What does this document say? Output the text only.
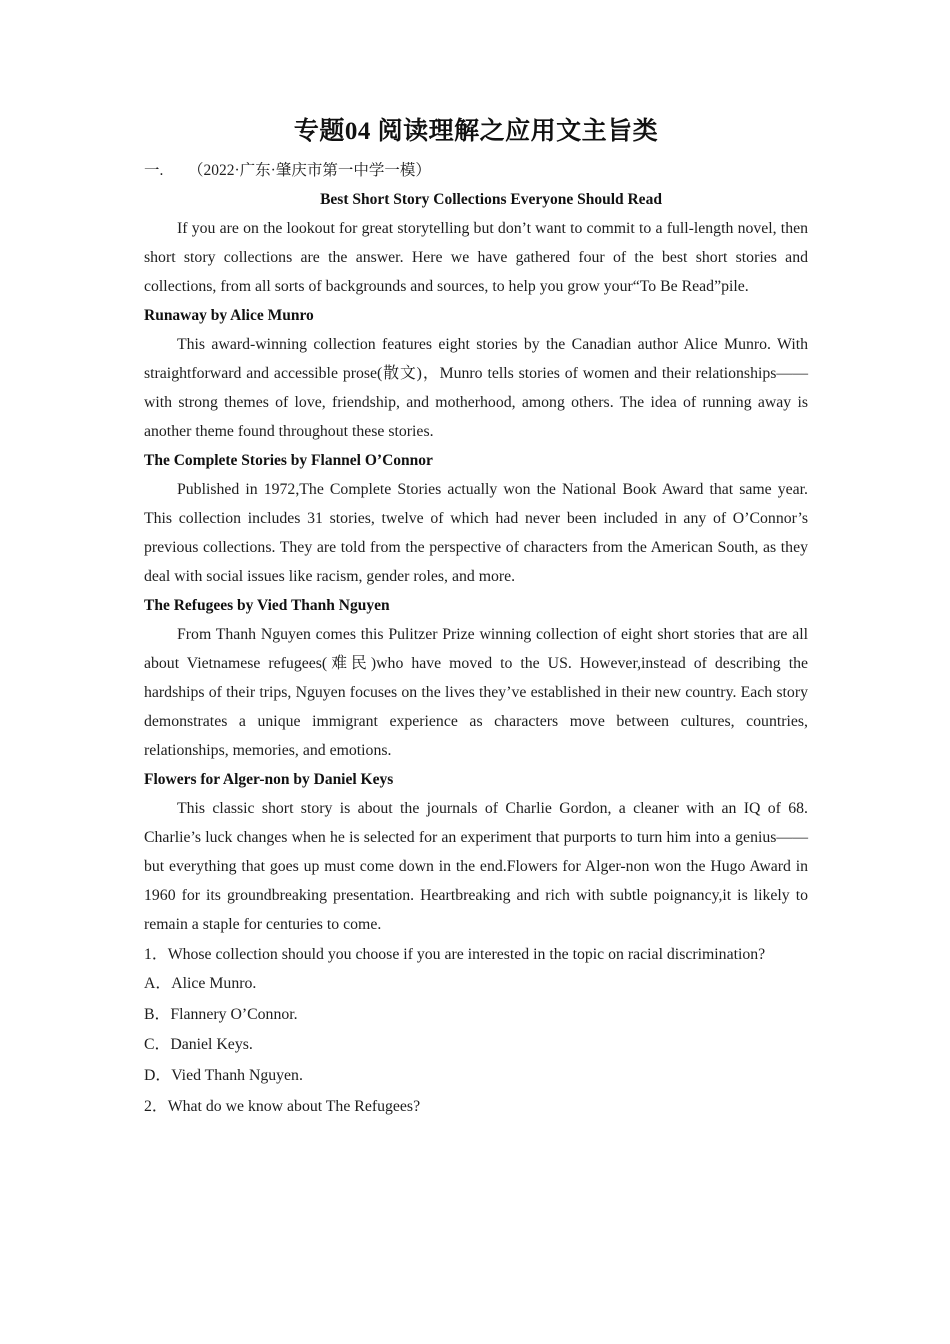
专题04 阅读理解之应用文主旨类
一. （2022·广东·肇庆市第一中学一模）
Best Short Story Collections Everyone Should Read

If you are on the lookout for great storytelling but don’t want to commit to a full-length novel, then short story collections are the answer. Here we have gathered four of the best short stories and collections, from all sorts of backgrounds and sources, to help you grow your“To Be Read”pile.

Runaway by Alice Munro

This award-winning collection features eight stories by the Canadian author Alice Munro. With straightforward and accessible prose(散文)，Munro tells stories of women and their relationships——with strong themes of love, friendship, and motherhood, among others. The idea of running away is another theme found throughout these stories.

The Complete Stories by Flannel O’Connor

Published in 1972,The Complete Stories actually won the National Book Award that same year. This collection includes 31 stories, twelve of which had never been included in any of O’Connor’s previous collections. They are told from the perspective of characters from the American South, as they deal with social issues like racism, gender roles, and more.

The Refugees by Vied Thanh Nguyen

From Thanh Nguyen comes this Pulitzer Prize winning collection of eight short stories that are all about Vietnamese refugees(难民)who have moved to the US. However,instead of describing the hardships of their trips, Nguyen focuses on the lives they’ve established in their new country. Each story demonstrates a unique immigrant experience as characters move between cultures, countries, relationships, memories, and emotions.

Flowers for Alger-non by Daniel Keys

This classic short story is about the journals of Charlie Gordon, a cleaner with an IQ of 68. Charlie’s luck changes when he is selected for an experiment that purports to turn him into a genius——but everything that goes up must come down in the end.Flowers for Alger-non won the Hugo Award in 1960 for its groundbreaking presentation. Heartbreaking and rich with subtle poignancy,it is likely to remain a staple for centuries to come.

1．Whose collection should you choose if you are interested in the topic on racial discrimination?
A．Alice Munro.
B．Flannery O’Connor.
C．Daniel Keys.
D．Vied Thanh Nguyen.
2．What do we know about The Refugees?
